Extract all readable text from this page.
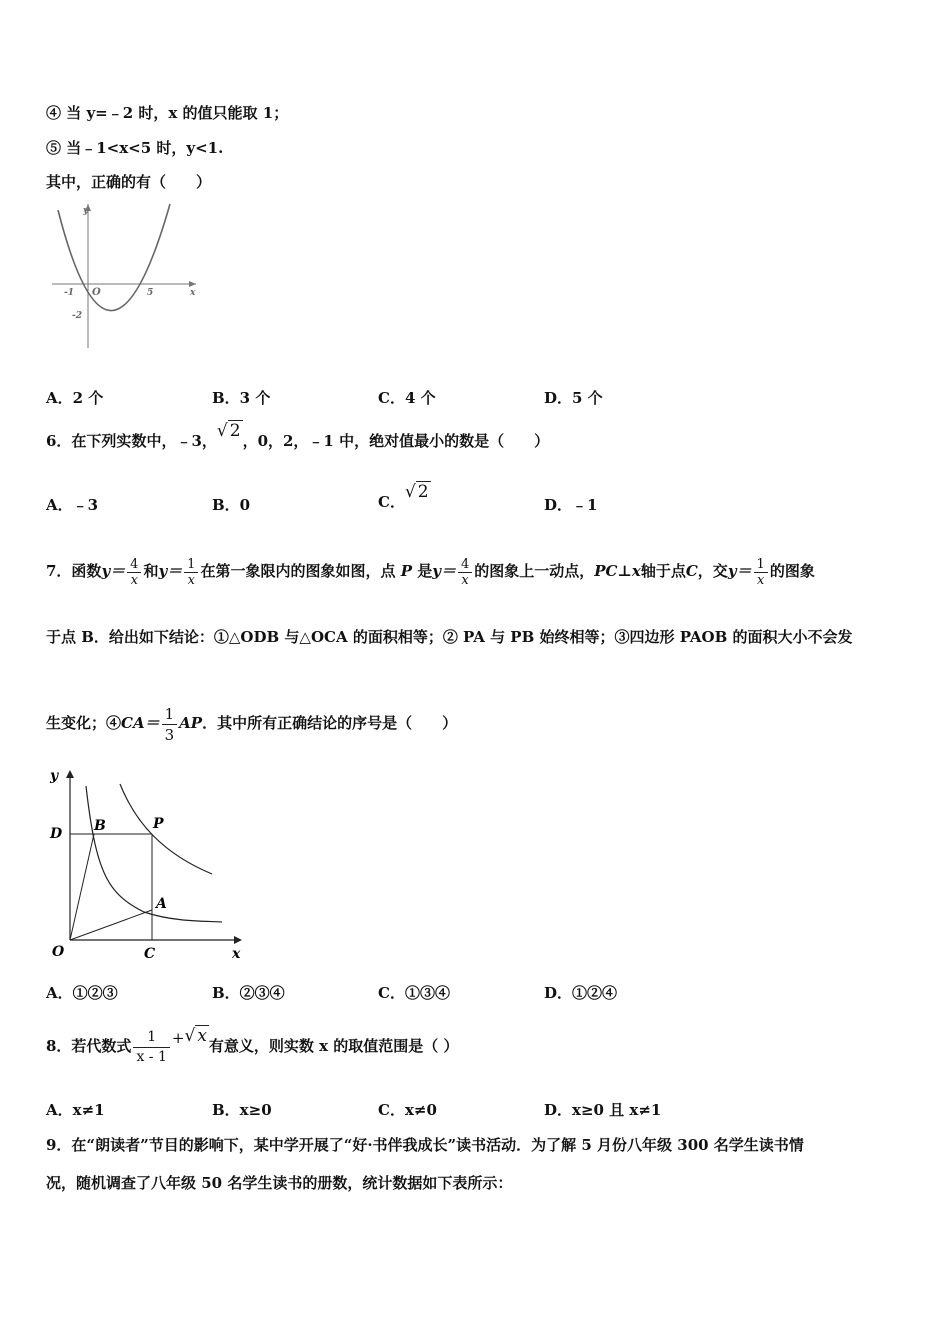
④ 当 y=﹣2 时，x 的值只能取 1；
⑤ 当﹣1<x<5 时，y<1.
其中，正确的有（　　）
y
x
O
-1	5
-2
A．2 个	B．3 个	C．4 个	D．5 个
6．在下列实数中，﹣3，√ 2 ，0，2，﹣1 中，绝对值最小的数是（　　）
A．﹣3	B．0	C．√ 2
D．﹣1
7．函数$y= \frac{4}{x}$ 和$y= \frac{1}{x}$ 在第一象限内的图象如图，点 P 是$y= \frac{4}{x}$ 的图象上一动点，PC⊥x轴于点C，交$y= \frac{1}{x}$ 的图象
于点 B．给出如下结论：①△ODB 与△OCA 的面积相等；② PA 与 PB 始终相等；③四边形 PAOB 的面积大小不会发
生变化；④CA＝ $\frac{1}{3}$ AP．其中所有正确结论的序号是（　　）
y
x
D B	P
A
O	C
A．①②③	B．②③④	C．①③④	D．①②④
8．若代数式 $\frac{1}{x - 1}$ +√ x 有意义，则实数 x 的取值范围是（ ）
A．x≠1	B．x≥0	C．x≠0	D．x≥0 且 x≠1
9．在“朗读者”节目的影响下，某中学开展了“好·书伴我成长”读书活动．为了解 5 月份八年级 300 名学生读书情
况，随机调查了八年级 50 名学生读书的册数，统计数据如下表所示：
